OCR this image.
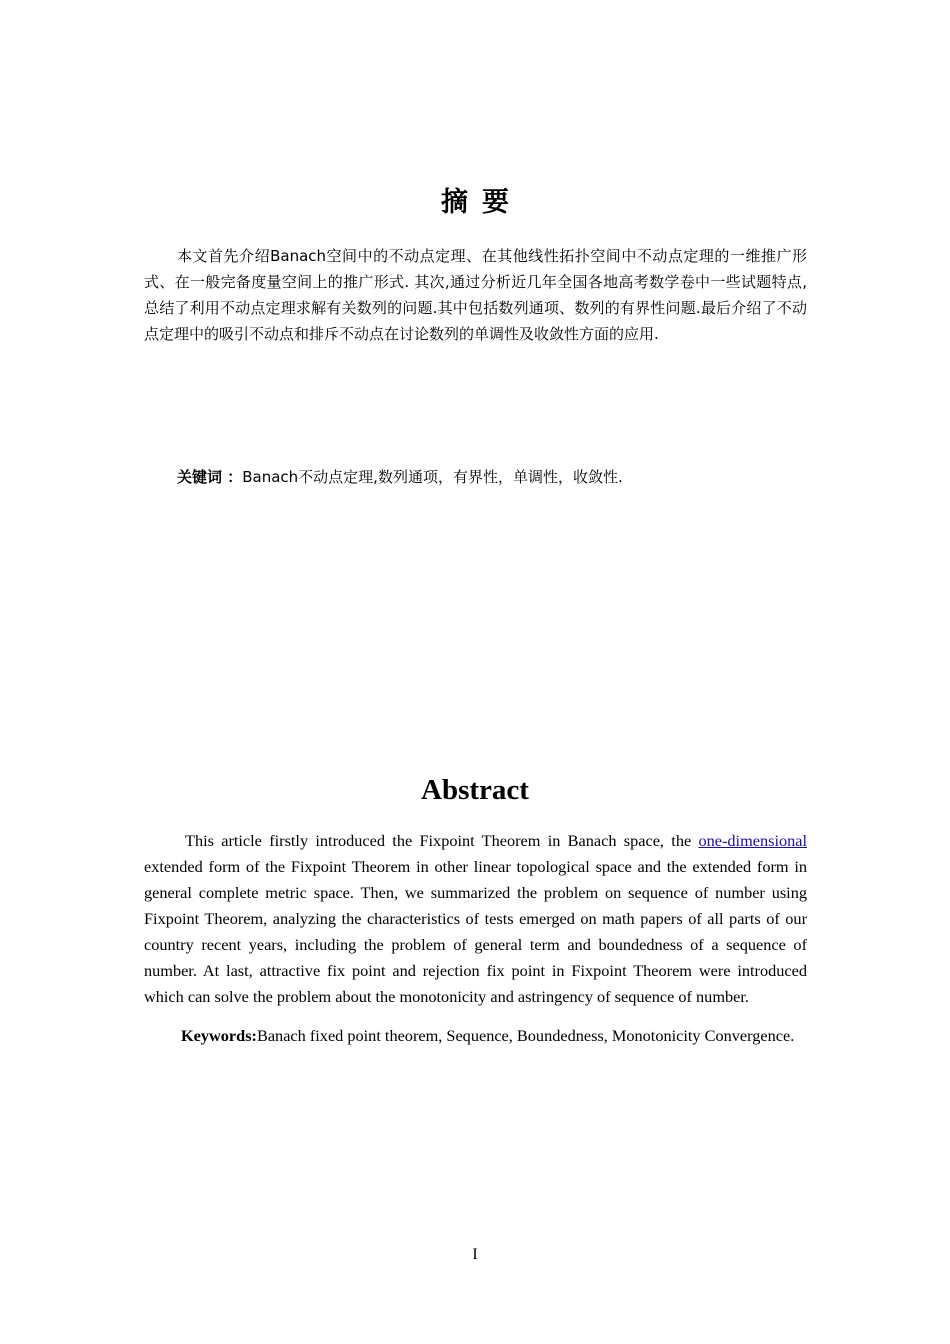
摘要

本文首先介绍Banach空间中的不动点定理、在其他线性拓扑空间中不动点定理的一维推广形式、在一般完备度量空间上的推广形式. 其次,通过分析近几年全国各地高考数学卷中一些试题特点,总结了利用不动点定理求解有关数列的问题.其中包括数列通项、数列的有界性问题.最后介绍了不动点定理中的吸引不动点和排斥不动点在讨论数列的单调性及收敛性方面的应用.

关键词 ：Banach不动点定理,数列通项，有界性，单调性，收敛性.

Abstract

This article firstly introduced the Fixpoint Theorem in Banach space, the one-dimensional extended form of the Fixpoint Theorem in other linear topological space and the extended form in general complete metric space. Then, we summarized the problem on sequence of number using Fixpoint Theorem, analyzing the characteristics of tests emerged on math papers of all parts of our country recent years, including the problem of general term and boundedness of a sequence of number. At last, attractive fix point and rejection fix point in Fixpoint Theorem were introduced which can solve the problem about the monotonicity and astringency of sequence of number.

Keywords:Banach fixed point theorem, Sequence, Boundedness, Monotonicity Convergence.

I
